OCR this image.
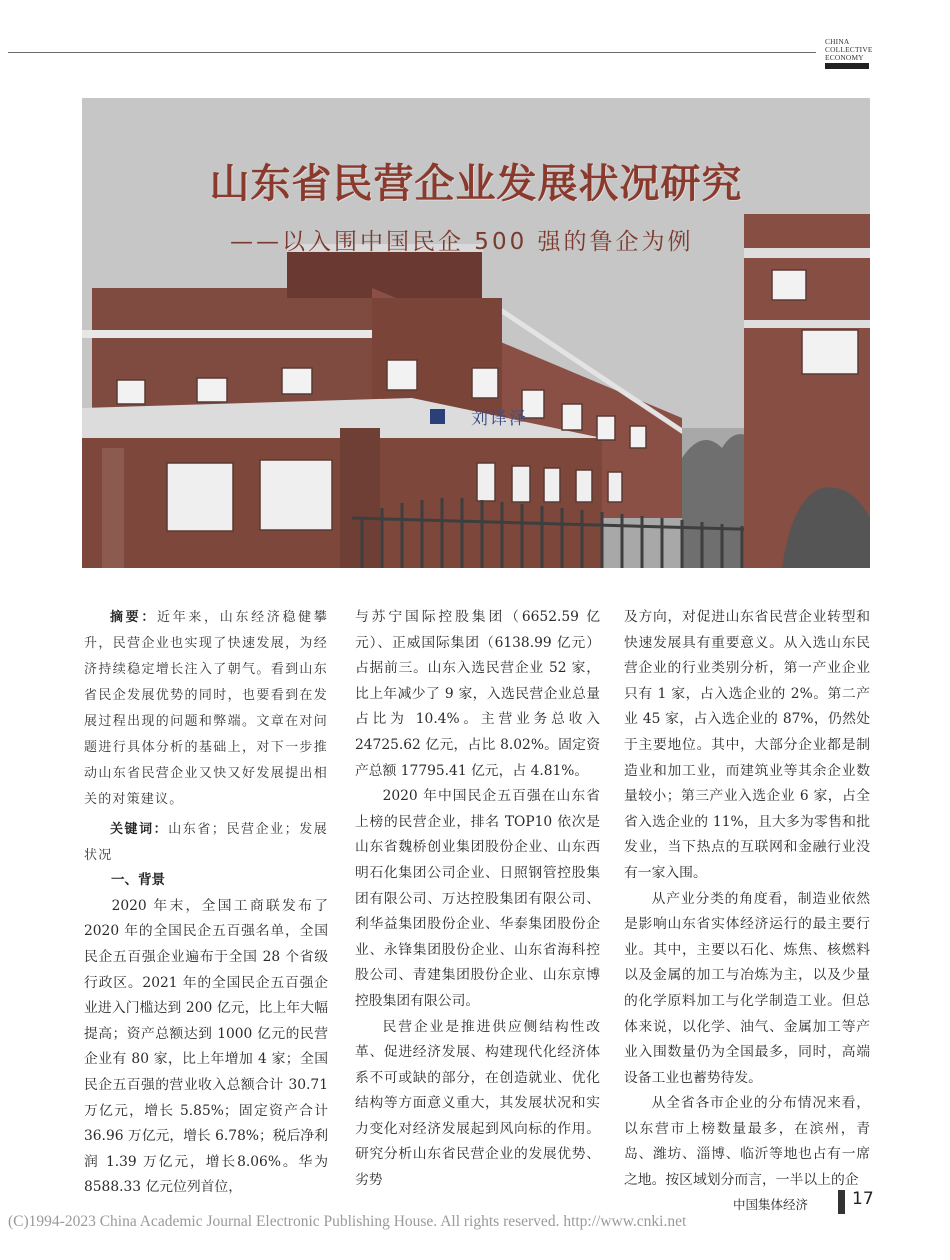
CHINA
COLLECTIVE
ECONOMY
山东省民营企业发展状况研究
——以入围中国民企 500 强的鲁企为例
刘译泽

摘要：近年来，山东经济稳健攀升，民营企业也实现了快速发展，为经济持续稳定增长注入了朝气。看到山东省民企发展优势的同时，也要看到在发展过程出现的问题和弊端。文章在对问题进行具体分析的基础上，对下一步推动山东省民营企业又快又好发展提出相关的对策建议。

关键词：山东省；民营企业；发展状况

一、背景

2020 年末，全国工商联发布了 2020 年的全国民企五百强名单，全国民企五百强企业遍布于全国 28 个省级行政区。2021 年的全国民企五百强企业进入门槛达到 200 亿元，比上年大幅提高；资产总额达到 1000 亿元的民营企业有 80 家，比上年增加 4 家；全国民企五百强的营业收入总额合计 30.71 万亿元，增长 5.85%；固定资产合计 36.96 万亿元，增长 6.78%；税后净利润 1.39 万亿元，增长8.06%。华为 8588.33 亿元位列首位，

与苏宁国际控股集团（6652.59 亿元）、正威国际集团（6138.99 亿元）占据前三。山东入选民营企业 52 家，比上年减少了 9 家，入选民营企业总量占比为 10.4%。主营业务总收入 24725.62 亿元，占比 8.02%。固定资产总额 17795.41 亿元，占 4.81%。

2020 年中国民企五百强在山东省上榜的民营企业，排名 TOP10 依次是山东省魏桥创业集团股份企业、山东西明石化集团公司企业、日照钢管控股集团有限公司、万达控股集团有限公司、利华益集团股份企业、华泰集团股份企业、永锋集团股份企业、山东省海科控股公司、青建集团股份企业、山东京博控股集团有限公司。

民营企业是推进供应侧结构性改革、促进经济发展、构建现代化经济体系不可或缺的部分，在创造就业、优化结构等方面意义重大，其发展状况和实力变化对经济发展起到风向标的作用。研究分析山东省民营企业的发展优势、劣势

及方向，对促进山东省民营企业转型和快速发展具有重要意义。从入选山东民营企业的行业类别分析，第一产业企业只有 1 家，占入选企业的 2%。第二产业 45 家，占入选企业的 87%，仍然处于主要地位。其中，大部分企业都是制造业和加工业，而建筑业等其余企业数量较小；第三产业入选企业 6 家，占全省入选企业的 11%，且大多为零售和批发业，当下热点的互联网和金融行业没有一家入围。

从产业分类的角度看，制造业依然是影响山东省实体经济运行的最主要行业。其中，主要以石化、炼焦、核燃料以及金属的加工与冶炼为主，以及少量的化学原料加工与化学制造工业。但总体来说，以化学、油气、金属加工等产业入围数量仍为全国最多，同时，高端设备工业也蓄势待发。

从全省各市企业的分布情况来看，以东营市上榜数量最多，在滨州，青岛、潍坊、淄博、临沂等地也占有一席之地。按区域划分而言，一半以上的企

中国集体经济	17
(C)1994-2023 China Academic Journal Electronic Publishing House. All rights reserved. http://www.cnki.net
